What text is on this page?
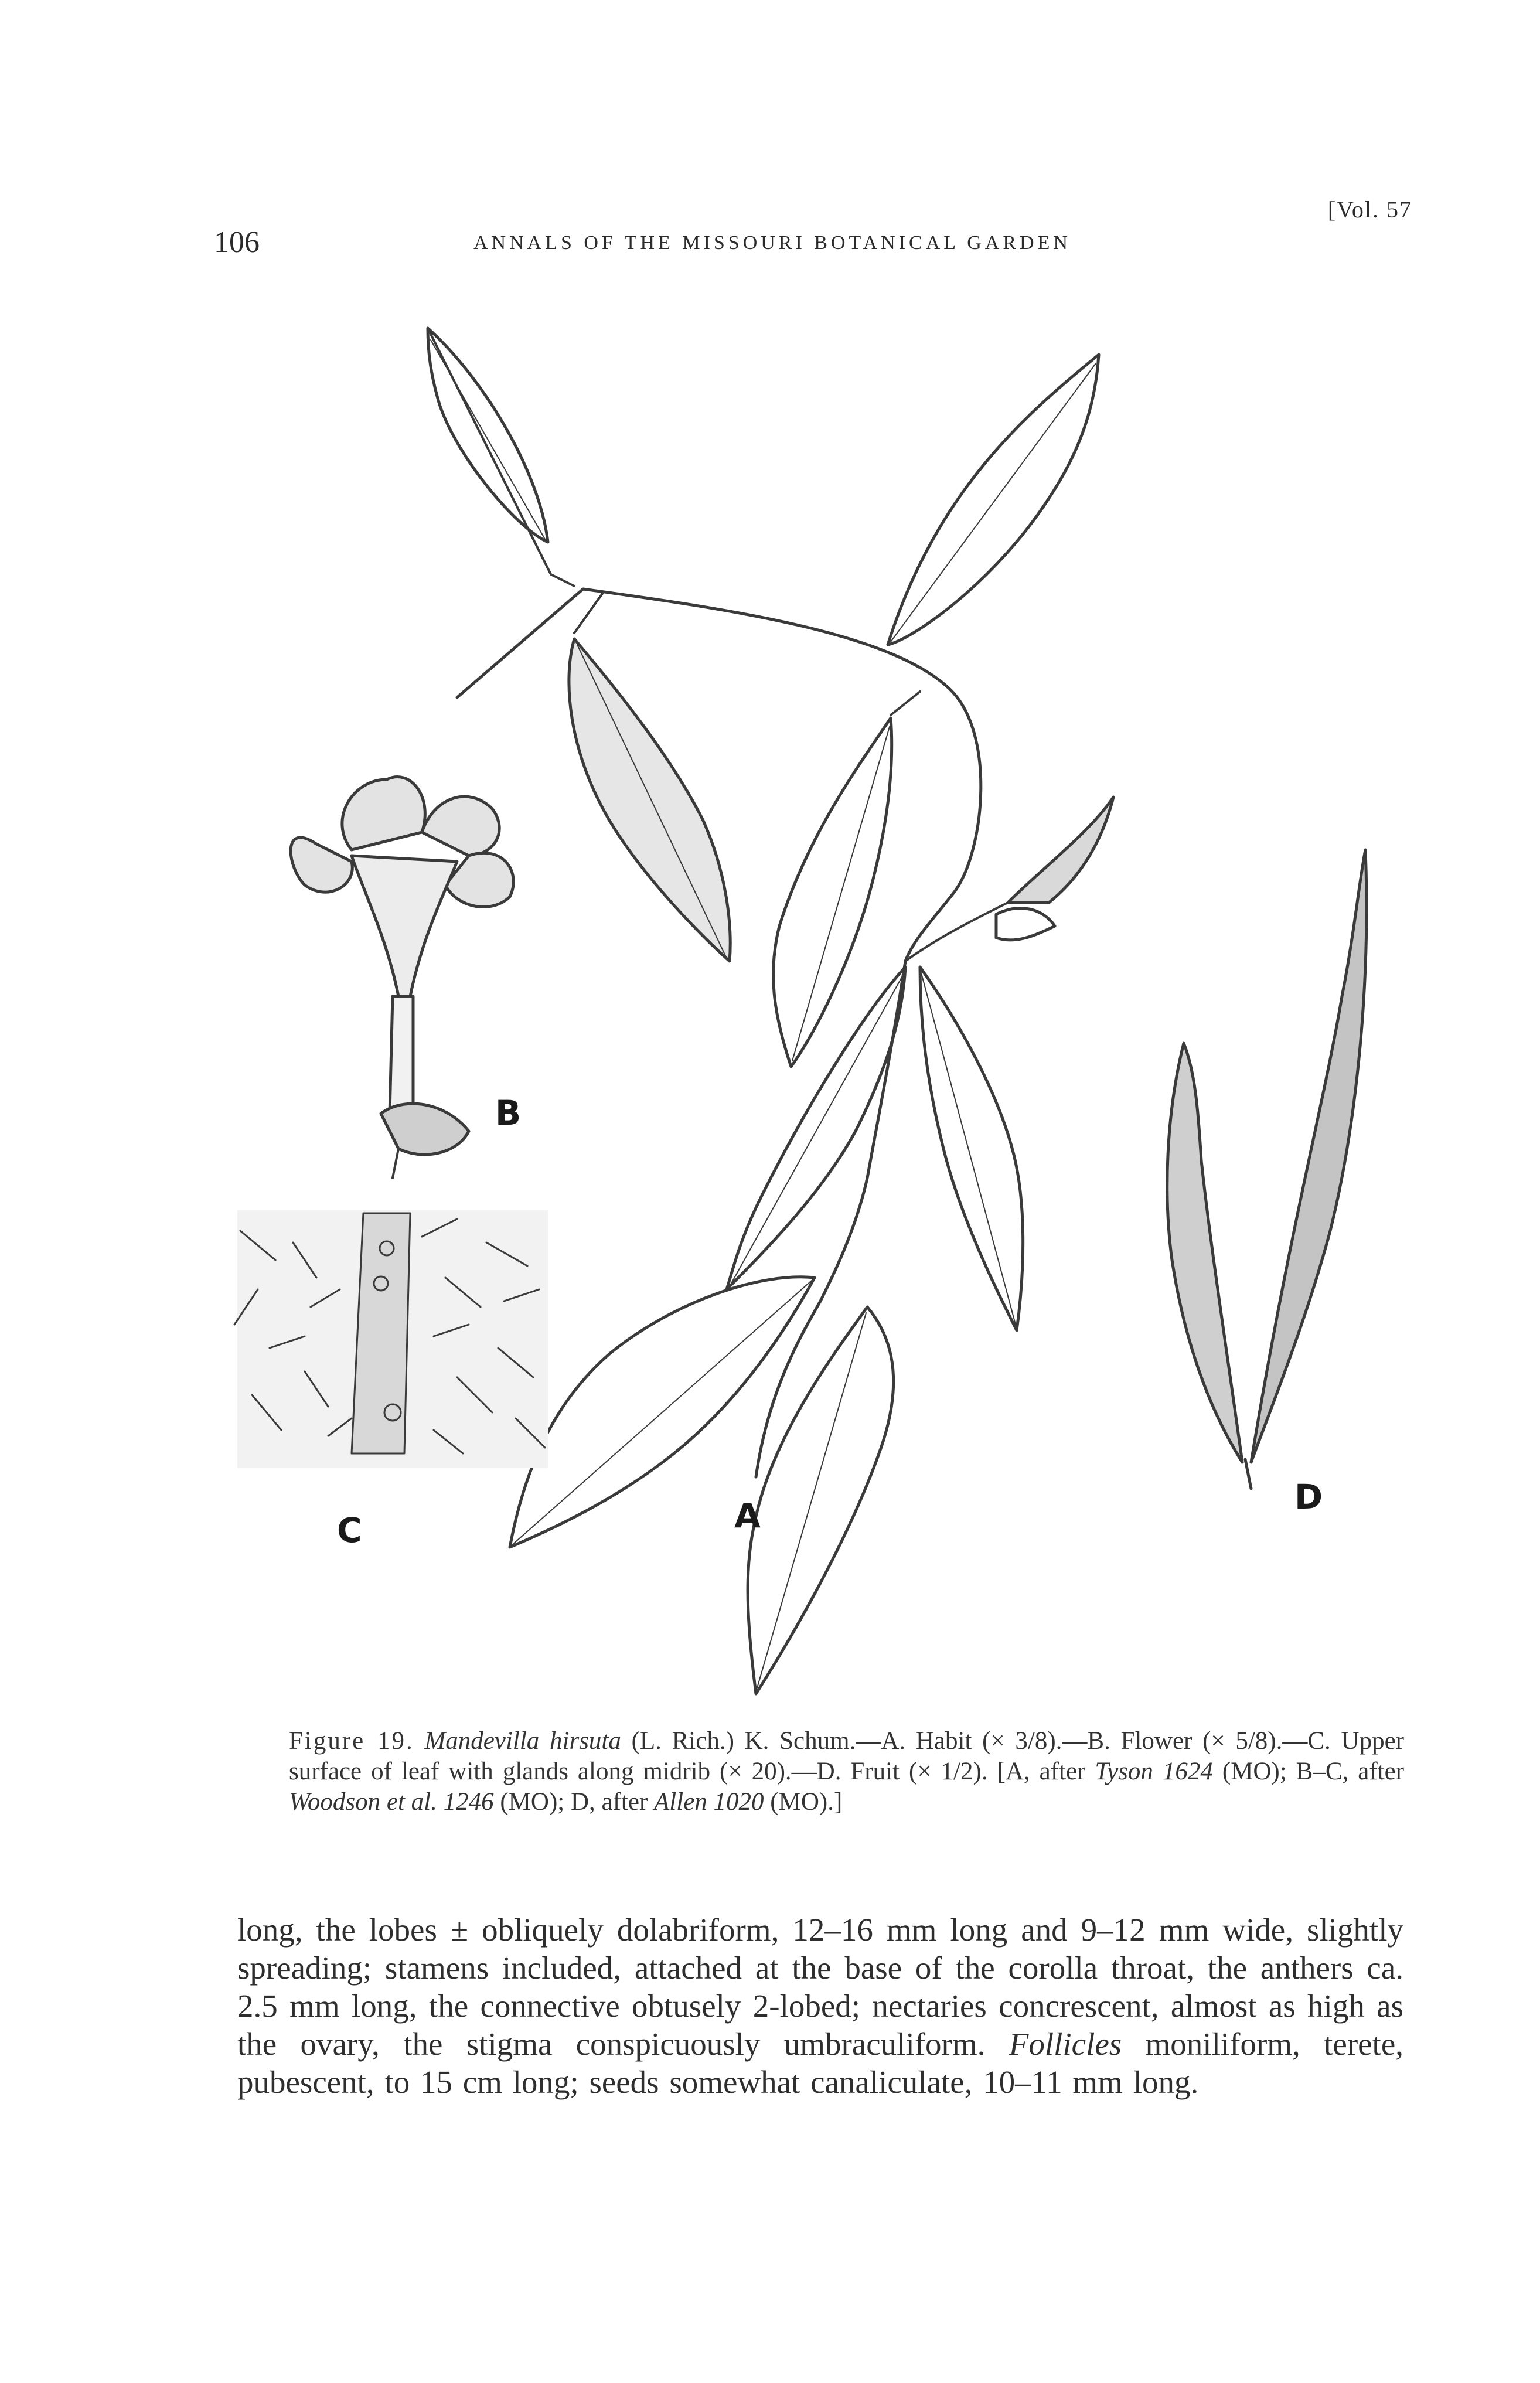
106	ANNALS OF THE MISSOURI BOTANICAL GARDEN
[Vol. 57
B
C	A	D
Figure 19. Mandevilla hirsuta (L. Rich.) K. Schum.—A. Habit (× 3/8).—B. Flower (× 5/8).—C. Upper surface of leaf with glands along midrib (× 20).—D. Fruit (× 1/2). [A, after Tyson 1624 (MO); B–C, after Woodson et al. 1246 (MO); D, after Allen 1020 (MO).]
long, the lobes ± obliquely dolabriform, 12–16 mm long and 9–12 mm wide, slightly spreading; stamens included, attached at the base of the corolla throat, the anthers ca. 2.5 mm long, the connective obtusely 2-lobed; nectaries concrescent, almost as high as the ovary, the stigma conspicuously umbraculiform. Follicles moniliform, terete, pubescent, to 15 cm long; seeds somewhat canaliculate, 10–11 mm long.
